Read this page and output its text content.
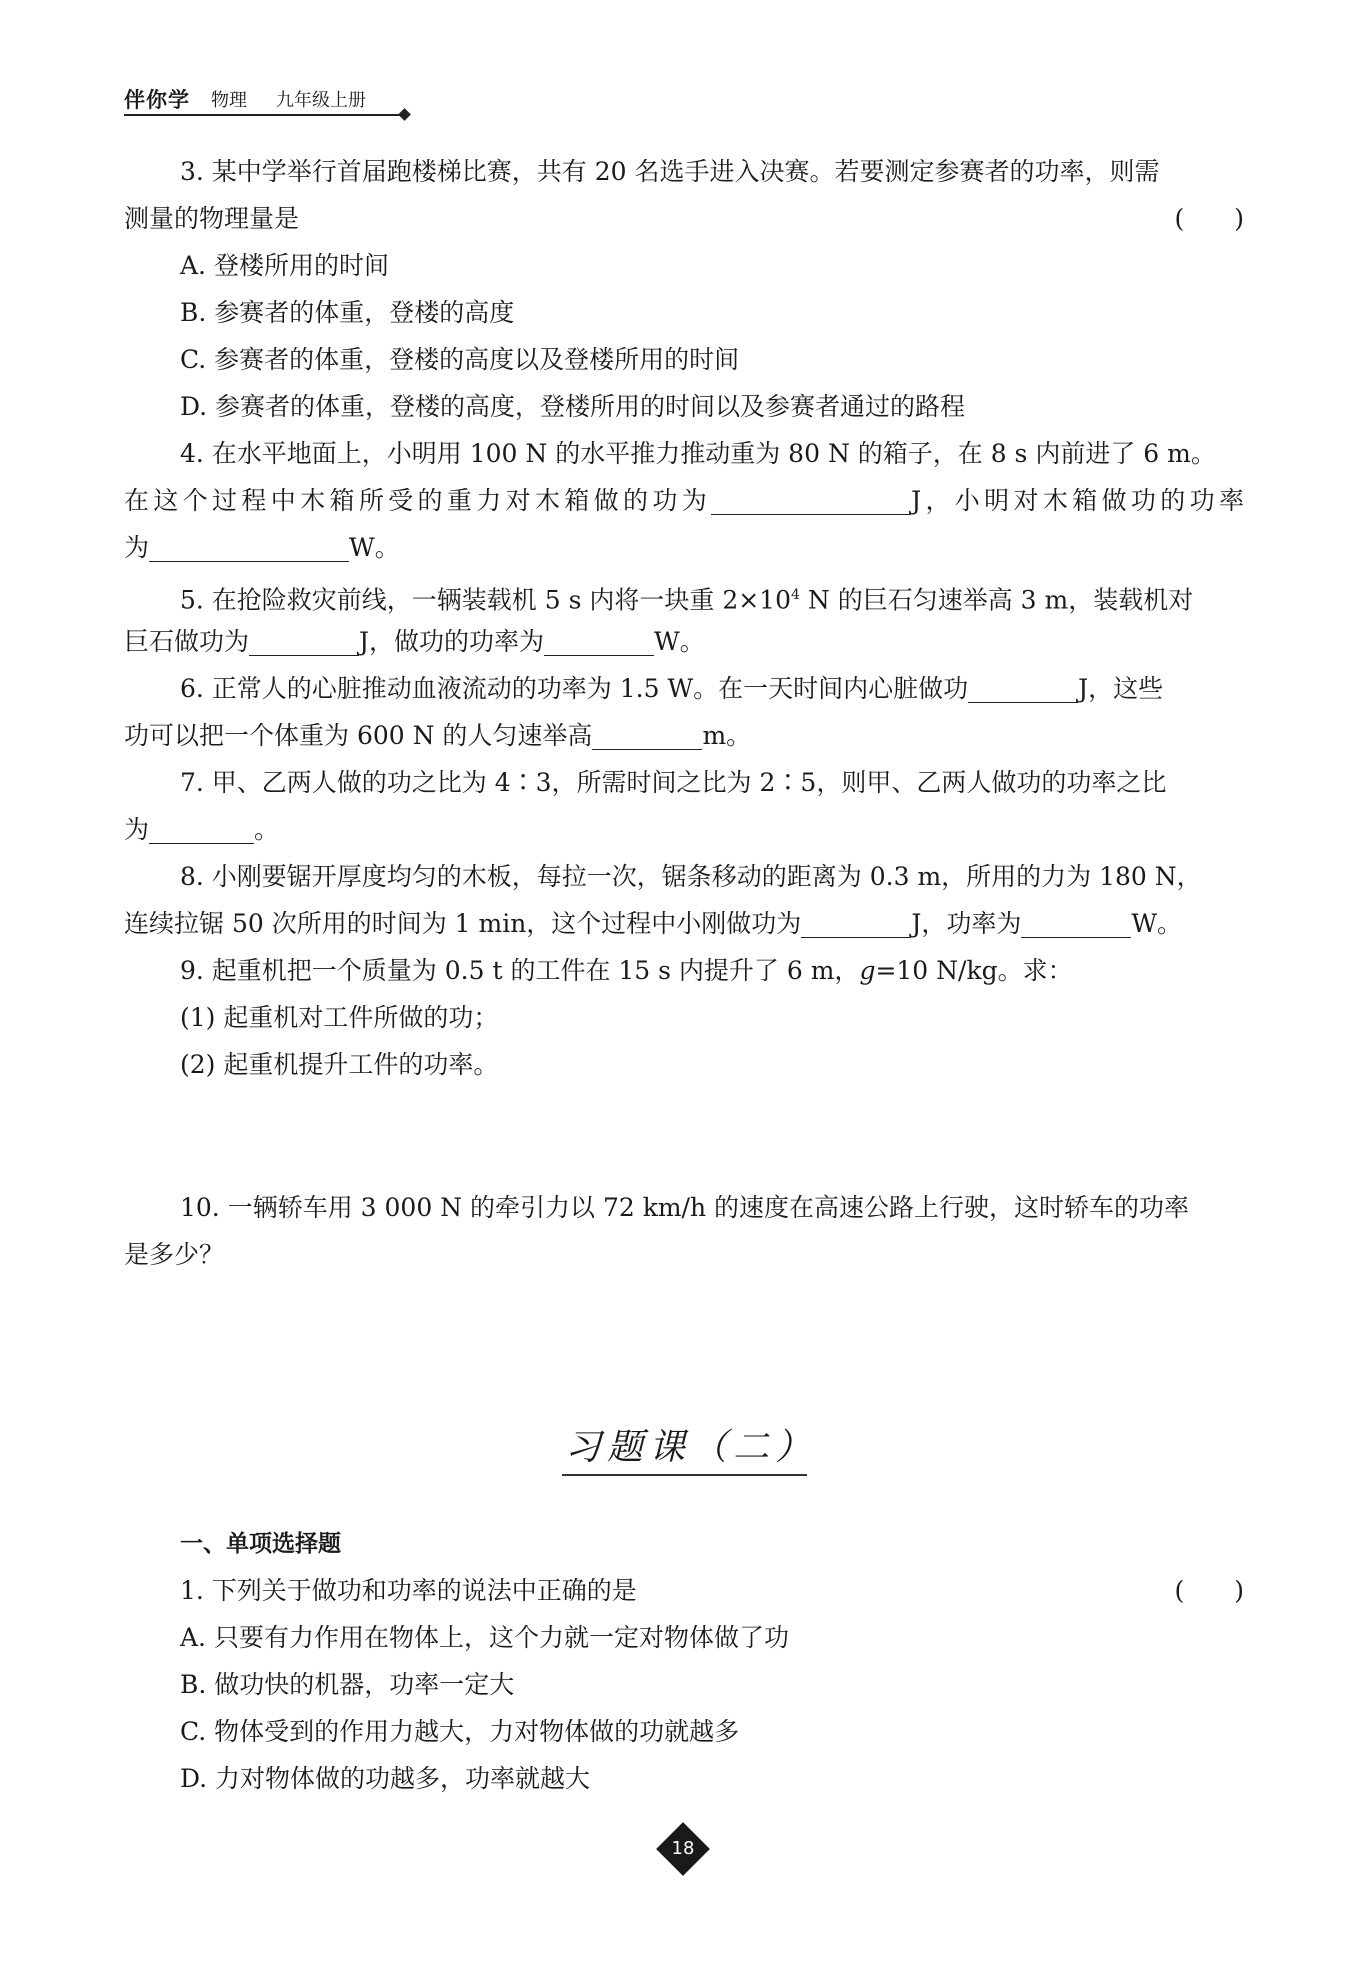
伴你学 物理 九年级上册
3. 某中学举行首届跑楼梯比赛，共有 20 名选手进入决赛。若要测定参赛者的功率，则需
测量的物理量是	(　　)
A. 登楼所用的时间
B. 参赛者的体重，登楼的高度
C. 参赛者的体重，登楼的高度以及登楼所用的时间
D. 参赛者的体重，登楼的高度，登楼所用的时间以及参赛者通过的路程
4. 在水平地面上，小明用 100 N 的水平推力推动重为 80 N 的箱子，在 8 s 内前进了 6 m。
在这个过程中木箱所受的重力对木箱做的功为	J，小明对木箱做功的功率
为	W。
5. 在抢险救灾前线，一辆装载机 5 s 内将一块重 $2\times 10^4$ N 的巨石匀速举高 3 m，装载机对
巨石做功为	J，做功的功率为	W。
6. 正常人的心脏推动血液流动的功率为 1.5 W。在一天时间内心脏做功	J，这些
功可以把一个体重为 600 N 的人匀速举高	m。
7. 甲、乙两人做的功之比为 4∶3，所需时间之比为 2∶5，则甲、乙两人做功的功率之比
为	。
8. 小刚要锯开厚度均匀的木板，每拉一次，锯条移动的距离为 0.3 m，所用的力为 180 N，
连续拉锯 50 次所用的时间为 1 min，这个过程中小刚做功为	J，功率为	W。
9. 起重机把一个质量为 0.5 t 的工件在 15 s 内提升了 6 m，g=10 N/kg。求：
(1) 起重机对工件所做的功；
(2) 起重机提升工件的功率。
10. 一辆轿车用 3 000 N 的牵引力以 72 km/h 的速度在高速公路上行驶，这时轿车的功率
是多少？
习题课（二）
一、单项选择题
1. 下列关于做功和功率的说法中正确的是	(　　)
A. 只要有力作用在物体上，这个力就一定对物体做了功
B. 做功快的机器，功率一定大
C. 物体受到的作用力越大，力对物体做的功就越多
D. 力对物体做的功越多，功率就越大
18
